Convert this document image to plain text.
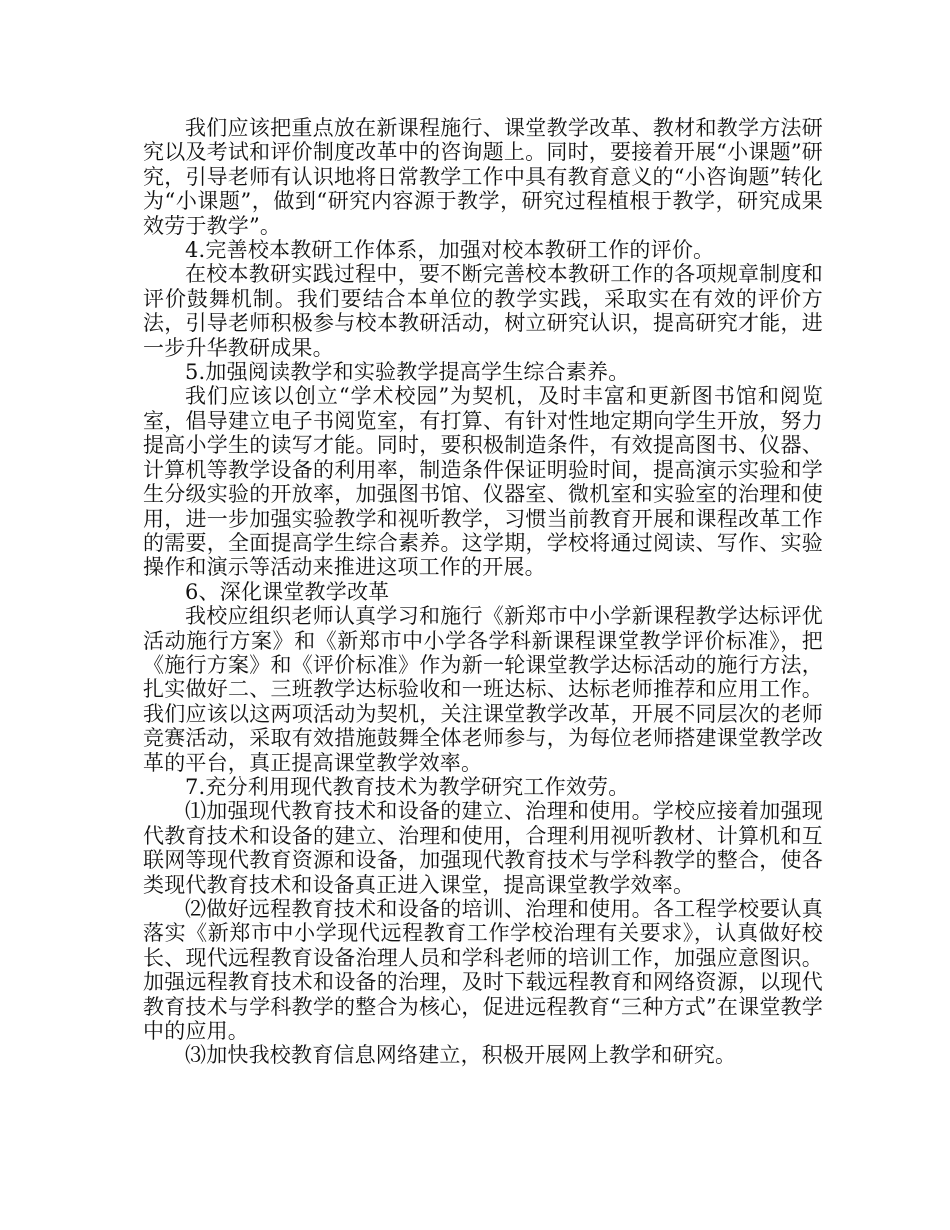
我们应该把重点放在新课程施行、课堂教学改革、教材和教学方法研究以及考试和评价制度改革中的咨询题上。同时，要接着开展“小课题”研究，引导老师有认识地将日常教学工作中具有教育意义的“小咨询题”转化为“小课题”，做到“研究内容源于教学，研究过程植根于教学，研究成果效劳于教学”。

4.完善校本教研工作体系，加强对校本教研工作的评价。

在校本教研实践过程中，要不断完善校本教研工作的各项规章制度和评价鼓舞机制。我们要结合本单位的教学实践，采取实在有效的评价方法，引导老师积极参与校本教研活动，树立研究认识，提高研究才能，进一步升华教研成果。

5.加强阅读教学和实验教学提高学生综合素养。

我们应该以创立“学术校园”为契机，及时丰富和更新图书馆和阅览室，倡导建立电子书阅览室，有打算、有针对性地定期向学生开放，努力提高小学生的读写才能。同时，要积极制造条件，有效提高图书、仪器、计算机等教学设备的利用率，制造条件保证明验时间，提高演示实验和学生分级实验的开放率，加强图书馆、仪器室、微机室和实验室的治理和使用，进一步加强实验教学和视听教学，习惯当前教育开展和课程改革工作的需要，全面提高学生综合素养。这学期，学校将通过阅读、写作、实验操作和演示等活动来推进这项工作的开展。

6、深化课堂教学改革

我校应组织老师认真学习和施行《新郑市中小学新课程教学达标评优活动施行方案》和《新郑市中小学各学科新课程课堂教学评价标准》，把《施行方案》和《评价标准》作为新一轮课堂教学达标活动的施行方法，扎实做好二、三班教学达标验收和一班达标、达标老师推荐和应用工作。我们应该以这两项活动为契机，关注课堂教学改革，开展不同层次的老师竞赛活动，采取有效措施鼓舞全体老师参与，为每位老师搭建课堂教学改革的平台，真正提高课堂教学效率。

7.充分利用现代教育技术为教学研究工作效劳。

⑴加强现代教育技术和设备的建立、治理和使用。学校应接着加强现代教育技术和设备的建立、治理和使用，合理利用视听教材、计算机和互联网等现代教育资源和设备，加强现代教育技术与学科教学的整合，使各类现代教育技术和设备真正进入课堂，提高课堂教学效率。

⑵做好远程教育技术和设备的培训、治理和使用。各工程学校要认真落实《新郑市中小学现代远程教育工作学校治理有关要求》，认真做好校长、现代远程教育设备治理人员和学科老师的培训工作，加强应意图识。加强远程教育技术和设备的治理，及时下载远程教育和网络资源，以现代教育技术与学科教学的整合为核心，促进远程教育“三种方式”在课堂教学中的应用。

⑶加快我校教育信息网络建立，积极开展网上教学和研究。
